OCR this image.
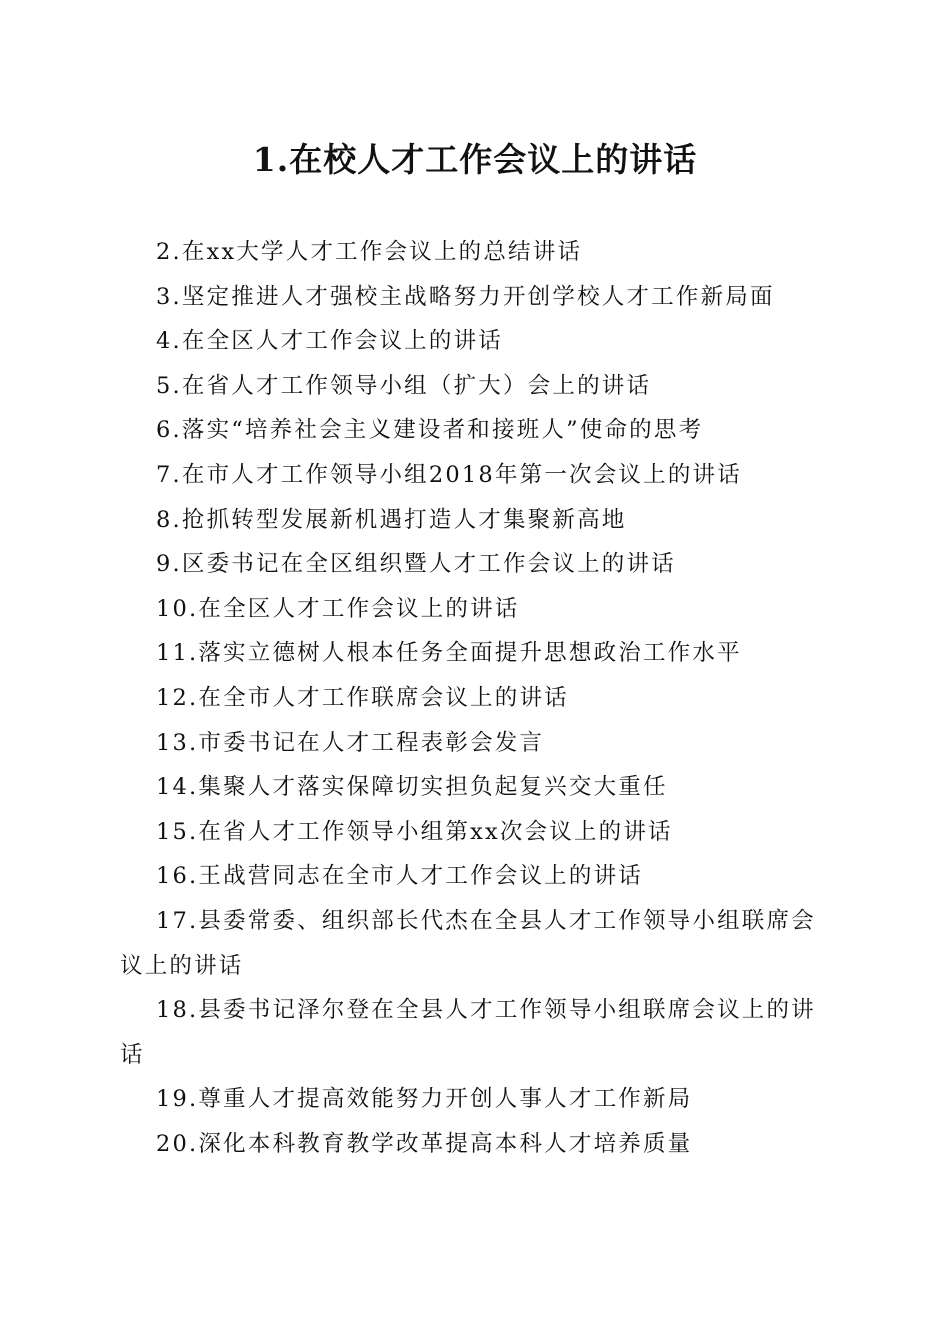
1.在校人才工作会议上的讲话
2.在xx大学人才工作会议上的总结讲话
3.坚定推进人才强校主战略努力开创学校人才工作新局面
4.在全区人才工作会议上的讲话
5.在省人才工作领导小组（扩大）会上的讲话
6.落实“培养社会主义建设者和接班人”使命的思考
7.在市人才工作领导小组2018年第一次会议上的讲话
8.抢抓转型发展新机遇打造人才集聚新高地
9.区委书记在全区组织暨人才工作会议上的讲话
10.在全区人才工作会议上的讲话
11.落实立德树人根本任务全面提升思想政治工作水平
12.在全市人才工作联席会议上的讲话
13.市委书记在人才工程表彰会发言
14.集聚人才落实保障切实担负起复兴交大重任
15.在省人才工作领导小组第xx次会议上的讲话
16.王战营同志在全市人才工作会议上的讲话
17.县委常委、组织部长代杰在全县人才工作领导小组联席会议上的讲话
18.县委书记泽尔登在全县人才工作领导小组联席会议上的讲话
19.尊重人才提高效能努力开创人事人才工作新局
20.深化本科教育教学改革提高本科人才培养质量
